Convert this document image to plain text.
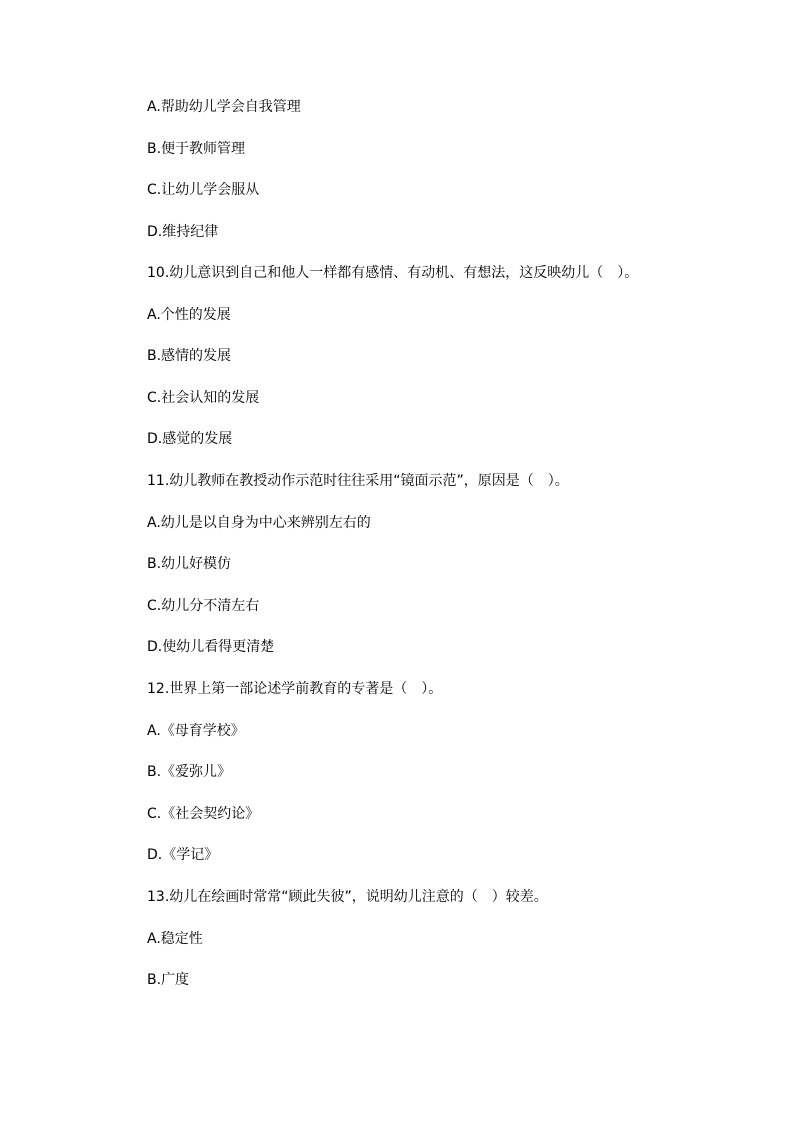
A.帮助幼儿学会自我管理
B.便于教师管理
C.让幼儿学会服从
D.维持纪律
10.幼儿意识到自己和他人一样都有感情、有动机、有想法，这反映幼儿（　）。
A.个性的发展
B.感情的发展
C.社会认知的发展
D.感觉的发展
11.幼儿教师在教授动作示范时往往采用“镜面示范”，原因是（　）。
A.幼儿是以自身为中心来辨别左右的
B.幼儿好模仿
C.幼儿分不清左右
D.使幼儿看得更清楚
12.世界上第一部论述学前教育的专著是（　）。
A.《母育学校》
B.《爱弥儿》
C.《社会契约论》
D.《学记》
13.幼儿在绘画时常常“顾此失彼”，说明幼儿注意的（　）较差。
A.稳定性
B.广度
